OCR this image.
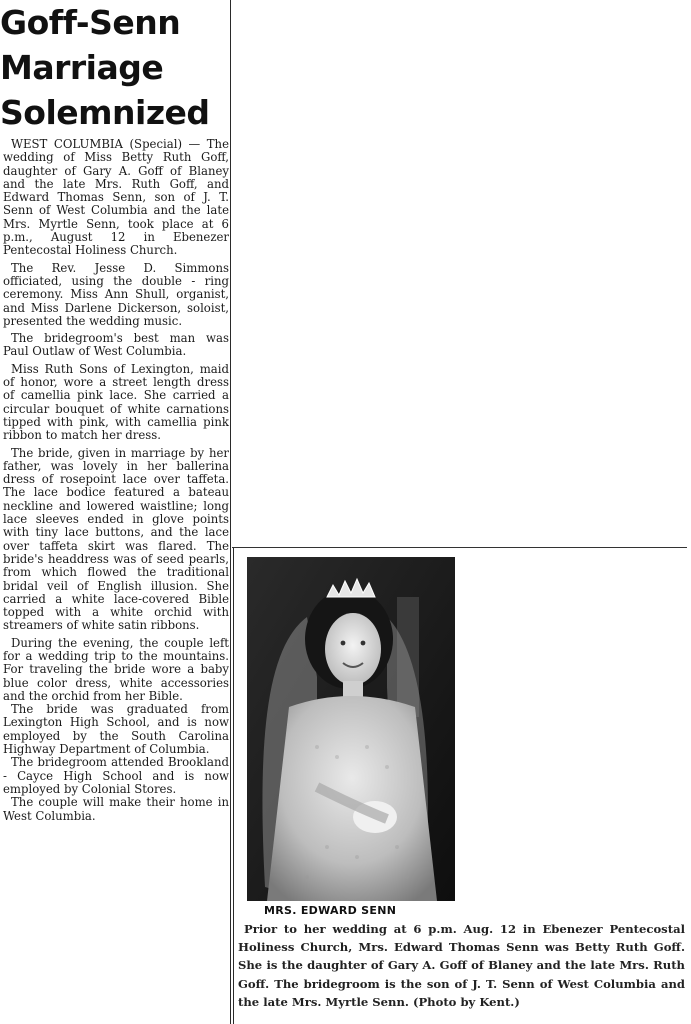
Goff-Senn
Marriage
Solemnized

WEST COLUMBIA (Special) — The wedding of Miss Betty Ruth Goff, daughter of Gary A. Goff of Blaney and the late Mrs. Ruth Goff, and Edward Thomas Senn, son of J. T. Senn of West Columbia and the late Mrs. Myrtle Senn, took place at 6 p.m., August 12 in Ebenezer Pentecostal Holiness Church.

The Rev. Jesse D. Simmons officiated, using the double - ring ceremony. Miss Ann Shull, organist, and Miss Darlene Dickerson, soloist, presented the wedding music.

The bridegroom's best man was Paul Outlaw of West Columbia.

Miss Ruth Sons of Lexington, maid of honor, wore a street length dress of camellia pink lace. She carried a circular bouquet of white carnations tipped with pink, with camellia pink ribbon to match her dress.

The bride, given in marriage by her father, was lovely in her ballerina dress of rosepoint lace over taffeta. The lace bodice featured a bateau neckline and lowered waistline; long lace sleeves ended in glove points with tiny lace buttons, and the lace over taffeta skirt was flared. The bride's headdress was of seed pearls, from which flowed the traditional bridal veil of English illusion. She carried a white lace-covered Bible topped with a white orchid with streamers of white satin ribbons.

During the evening, the couple left for a wedding trip to the mountains. For traveling the bride wore a baby blue color dress, white accessories and the orchid from her Bible.

The bride was graduated from Lexington High School, and is now employed by the South Carolina Highway Department of Columbia.

The bridegroom attended Brookland - Cayce High School and is now employed by Colonial Stores.

The couple will make their home in West Columbia.

MRS. EDWARD SENN
Prior to her wedding at 6 p.m. Aug. 12 in Ebenezer Pentecostal Holiness Church, Mrs. Edward Thomas Senn was Betty Ruth Goff. She is the daughter of Gary A. Goff of Blaney and the late Mrs. Ruth Goff. The bridegroom is the son of J. T. Senn of West Columbia and the late Mrs. Myrtle Senn. (Photo by Kent.)
